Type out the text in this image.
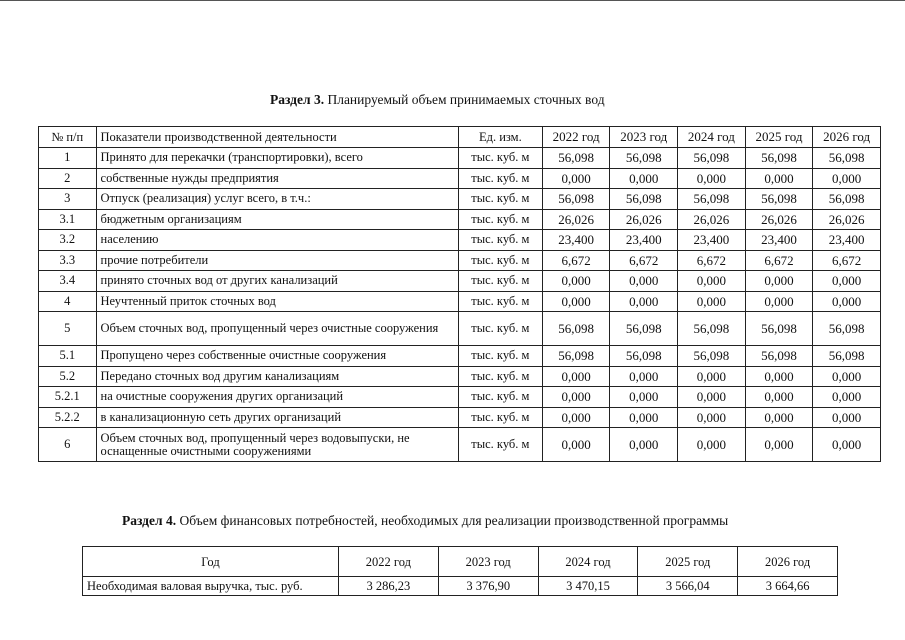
Раздел 3. Планируемый объем принимаемых сточных вод
№ п/п	Показатели производственной деятельности	Ед. изм.	2022 год	2023 год	2024 год	2025 год	2026 год
1	Принято для перекачки (транспортировки), всего	тыс. куб. м	56,098	56,098	56,098	56,098	56,098
2	собственные нужды предприятия	тыс. куб. м	0,000	0,000	0,000	0,000	0,000
3	Отпуск (реализация) услуг всего, в т.ч.:	тыс. куб. м	56,098	56,098	56,098	56,098	56,098
3.1	бюджетным организациям	тыс. куб. м	26,026	26,026	26,026	26,026	26,026
3.2	населению	тыс. куб. м	23,400	23,400	23,400	23,400	23,400
3.3	прочие потребители	тыс. куб. м	6,672	6,672	6,672	6,672	6,672
3.4	принято сточных вод от других канализаций	тыс. куб. м	0,000	0,000	0,000	0,000	0,000
4	Неучтенный приток сточных вод	тыс. куб. м	0,000	0,000	0,000	0,000	0,000
5	Объем сточных вод, пропущенный через очистные сооружения	тыс. куб. м	56,098	56,098	56,098	56,098	56,098
5.1	Пропущено через собственные очистные сооружения	тыс. куб. м	56,098	56,098	56,098	56,098	56,098
5.2	Передано сточных вод другим канализациям	тыс. куб. м	0,000	0,000	0,000	0,000	0,000
5.2.1	на очистные сооружения других организаций	тыс. куб. м	0,000	0,000	0,000	0,000	0,000
5.2.2	в канализационную сеть других организаций	тыс. куб. м	0,000	0,000	0,000	0,000	0,000
6	Объем сточных вод, пропущенный через водовыпуски, не оснащенные очистными сооружениями	тыс. куб. м	0,000	0,000	0,000	0,000	0,000
Раздел 4. Объем финансовых потребностей, необходимых для реализации производственной программы
Год	2022 год	2023 год	2024 год	2025 год	2026 год
Необходимая валовая выручка, тыс. руб.	3 286,23	3 376,90	3 470,15	3 566,04	3 664,66
